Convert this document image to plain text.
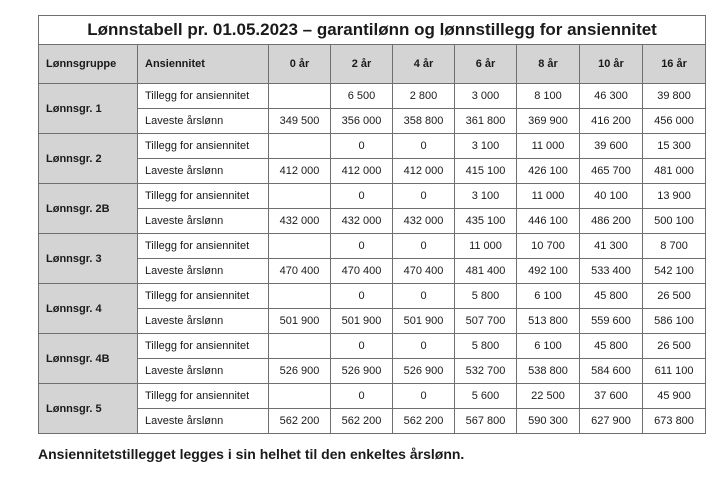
Lønnstabell pr. 01.05.2023 – garantilønn og lønnstillegg for ansiennitet								
Lønnsgruppe	Ansiennitet	0 år	2 år	4 år	6 år	8 år	10 år	16 år
Lønnsgr. 1	Tillegg for ansiennitet		6 500	2 800	3 000	8 100	46 300	39 800
	Laveste årslønn	349 500	356 000	358 800	361 800	369 900	416 200	456 000
Lønnsgr. 2	Tillegg for ansiennitet		0	0	3 100	11 000	39 600	15 300
	Laveste årslønn	412 000	412 000	412 000	415 100	426 100	465 700	481 000
Lønnsgr. 2B	Tillegg for ansiennitet		0	0	3 100	11 000	40 100	13 900
	Laveste årslønn	432 000	432 000	432 000	435 100	446 100	486 200	500 100
Lønnsgr. 3	Tillegg for ansiennitet		0	0	11 000	10 700	41 300	8 700
	Laveste årslønn	470 400	470 400	470 400	481 400	492 100	533 400	542 100
Lønnsgr. 4	Tillegg for ansiennitet		0	0	5 800	6 100	45 800	26 500
	Laveste årslønn	501 900	501 900	501 900	507 700	513 800	559 600	586 100
Lønnsgr. 4B	Tillegg for ansiennitet		0	0	5 800	6 100	45 800	26 500
	Laveste årslønn	526 900	526 900	526 900	532 700	538 800	584 600	611 100
Lønnsgr. 5	Tillegg for ansiennitet		0	0	5 600	22 500	37 600	45 900
	Laveste årslønn	562 200	562 200	562 200	567 800	590 300	627 900	673 800

Ansiennitetstillegget legges i sin helhet til den enkeltes årslønn.
